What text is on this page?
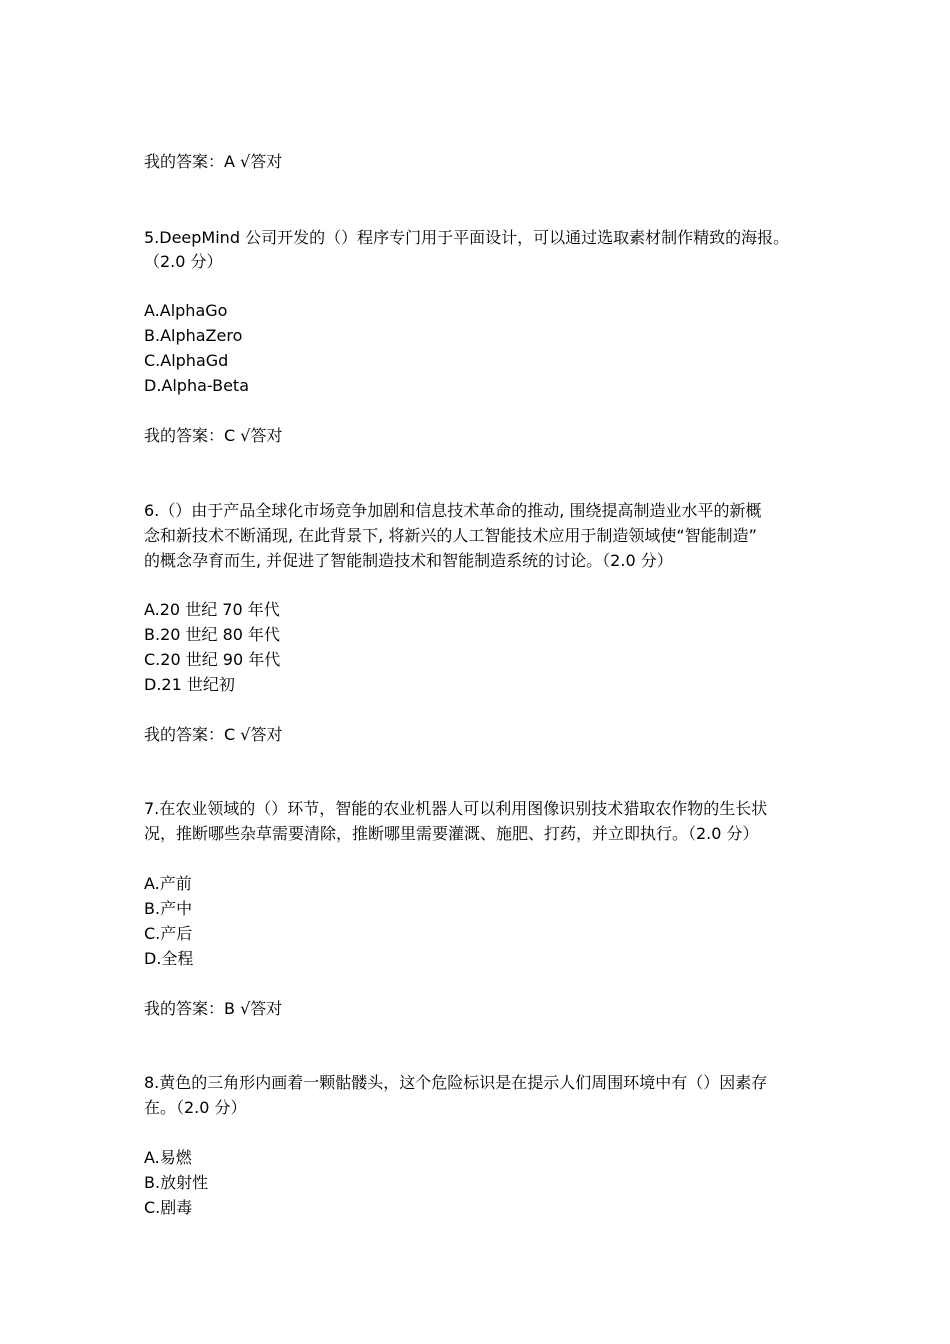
我的答案：A √答对
5.DeepMind 公司开发的（）程序专门用于平面设计，可以通过选取素材制作精致的海报。
（2.0 分）
A.AlphaGo
B.AlphaZero
C.AlphaGd
D.Alpha-Beta
我的答案：C √答对
6.（）由于产品全球化市场竞争加剧和信息技术革命的推动, 围绕提高制造业水平的新概
念和新技术不断涌现, 在此背景下, 将新兴的人工智能技术应用于制造领域使“智能制造”
的概念孕育而生, 并促进了智能制造技术和智能制造系统的讨论。（2.0 分）
A.20 世纪 70 年代
B.20 世纪 80 年代
C.20 世纪 90 年代
D.21 世纪初
我的答案：C √答对
7.在农业领域的（）环节，智能的农业机器人可以利用图像识别技术猎取农作物的生长状
况，推断哪些杂草需要清除，推断哪里需要灌溉、施肥、打药，并立即执行。（2.0 分）
A.产前
B.产中
C.产后
D.全程
我的答案：B √答对
8.黄色的三角形内画着一颗骷髅头，这个危险标识是在提示人们周围环境中有（）因素存
在。（2.0 分）
A.易燃
B.放射性
C.剧毒
